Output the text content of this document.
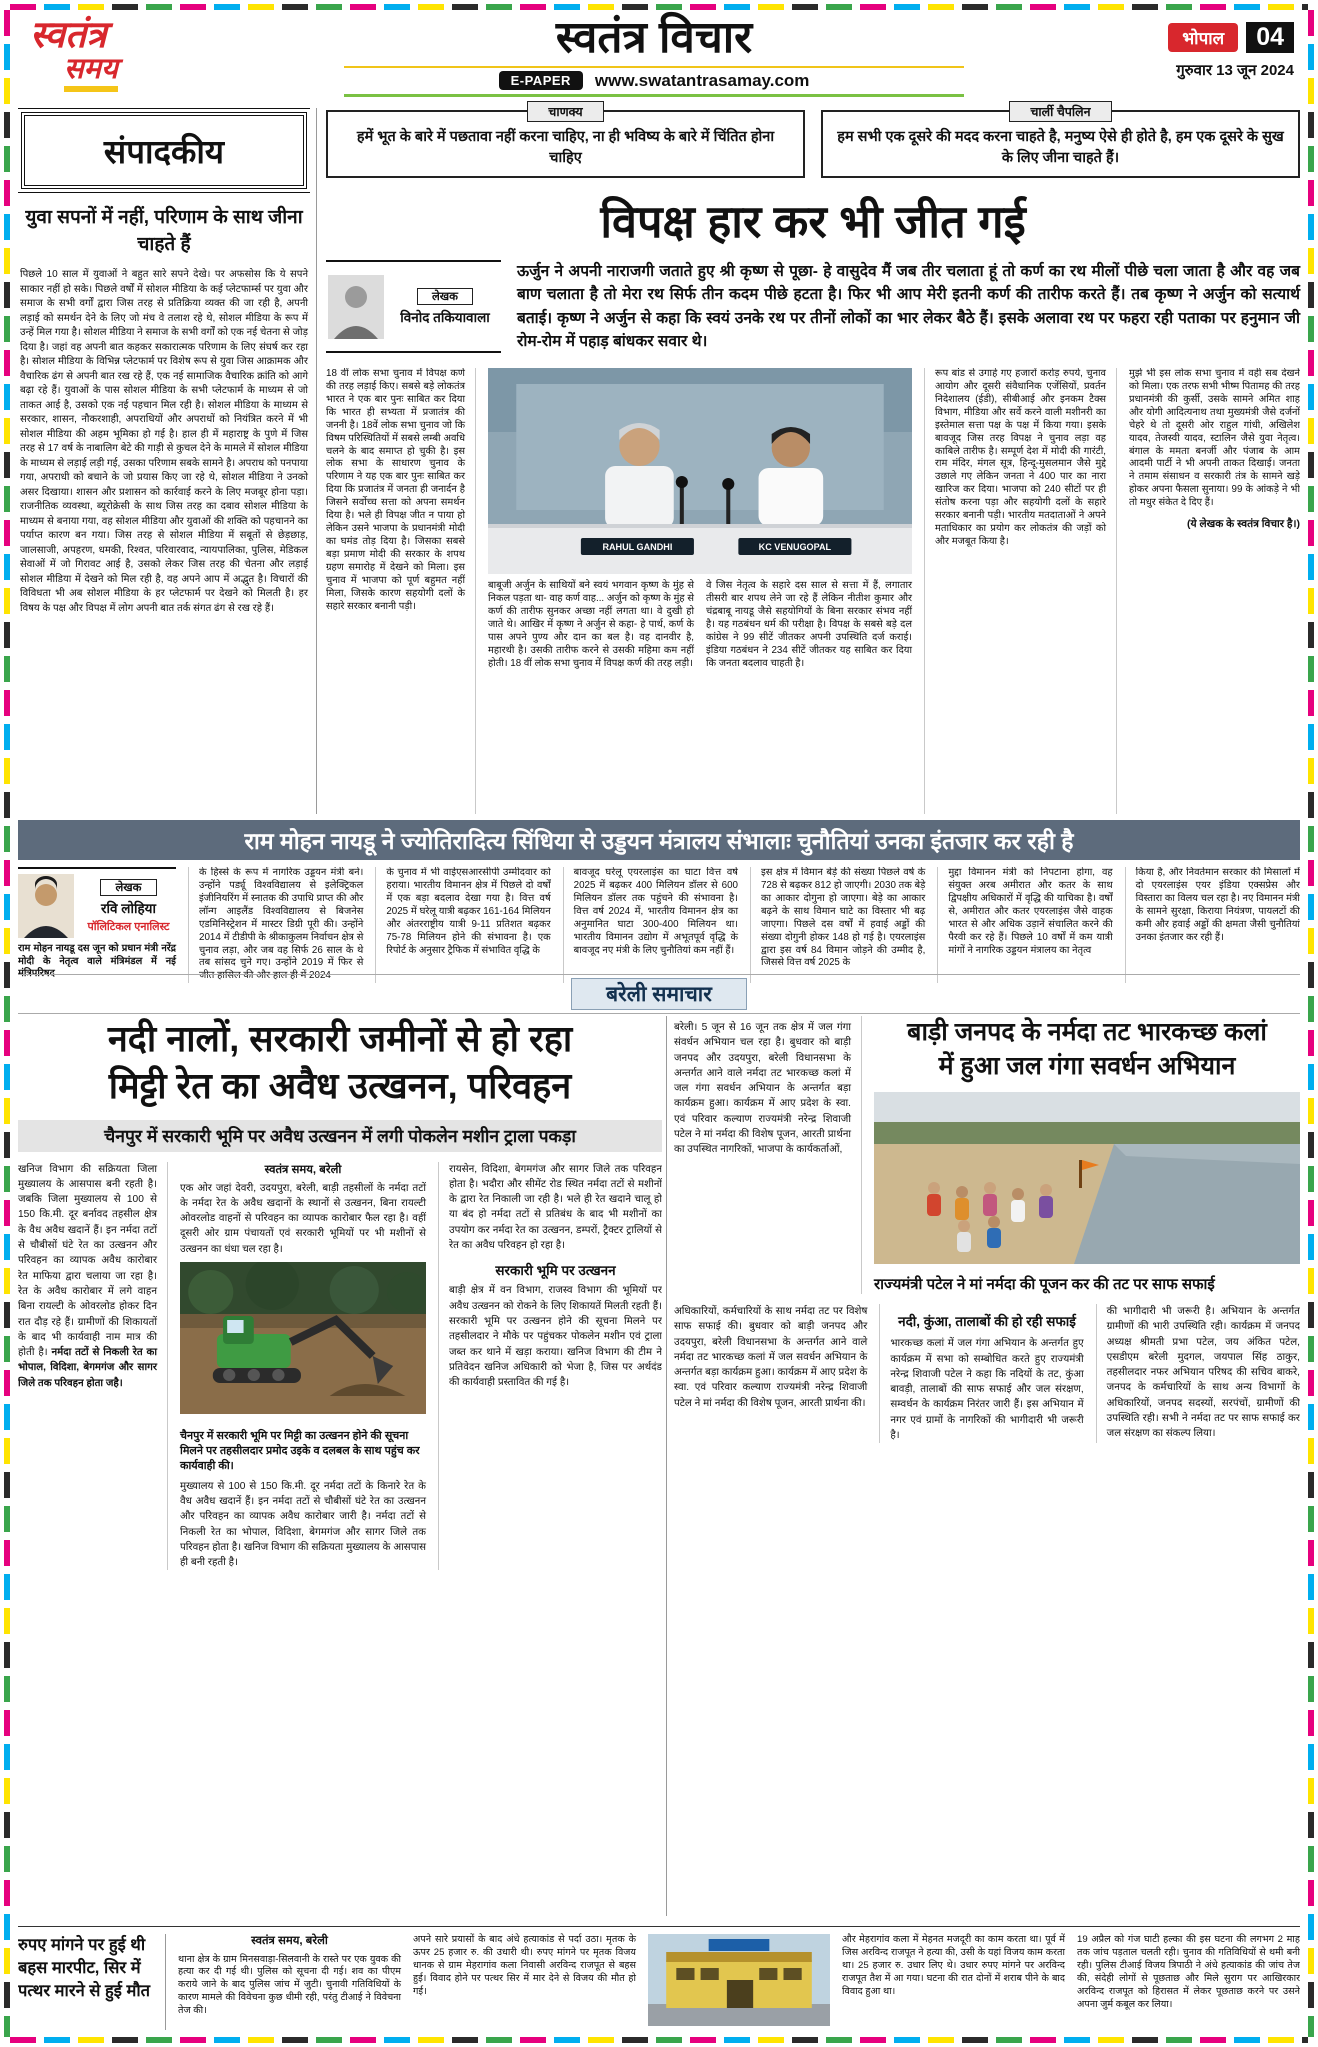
स्वतंत्र
समय
स्वतंत्र विचार
E-PAPER	www.swatantrasamay.com
भोपाल	04
गुरुवार 13 जून 2024
संपादकीय
युवा सपनों में नहीं, परिणाम के साथ जीना चाहते हैं
पिछले 10 साल में युवाओं ने बहुत सारे सपने देखे। पर अफसोस कि ये सपने साकार नहीं हो सके। पिछले वर्षों में सोशल मीडिया के कई प्लेटफार्म्स पर युवा और समाज के सभी वर्गों द्वारा जिस तरह से प्रतिक्रिया व्यक्त की जा रही है, अपनी लड़ाई को समर्थन देने के लिए जो मंच वे तलाश रहे थे, सोशल मीडिया के रूप में उन्हें मिल गया है। सोशल मीडिया ने समाज के सभी वर्गों को एक नई चेतना से जोड़ दिया है। जहां वह अपनी बात कहकर सकारात्मक परिणाम के लिए संघर्ष कर रहा है। सोशल मीडिया के विभिन्न प्लेटफार्म पर विशेष रूप से युवा जिस आक्रामक और वैचारिक ढंग से अपनी बात रख रहे हैं, एक नई सामाजिक वैचारिक क्रांति को आगे बढ़ा रहे हैं। युवाओं के पास सोशल मीडिया के सभी प्लेटफार्म के माध्यम से जो ताकत आई है, उसको एक नई पहचान मिल रही है। सोशल मीडिया के माध्यम से सरकार, शासन, नौकरशाही, अपराधियों और अपराधों को नियंत्रित करने में भी सोशल मीडिया की अहम भूमिका हो गई है। हाल ही में महाराष्ट्र के पुणे में जिस तरह से 17 वर्ष के नाबालिग बेटे की गाड़ी से कुचल देने के मामले में सोशल मीडिया के माध्यम से लड़ाई लड़ी गई, उसका परिणाम सबके सामने है। अपराध को पनपाया गया, अपराधी को बचाने के जो प्रयास किए जा रहे थे, सोशल मीडिया ने उनको असर दिखाया। शासन और प्रशासन को कार्रवाई करने के लिए मजबूर होना पड़ा। राजनीतिक व्यवस्था, ब्यूरोक्रेसी के साथ जिस तरह का दबाव सोशल मीडिया के माध्यम से बनाया गया, वह सोशल मीडिया और युवाओं की शक्ति को पहचानने का पर्याप्त कारण बन गया। जिस तरह से सोशल मीडिया में सबूतों से छेड़छाड़, जालसाजी, अपहरण, धमकी, रिश्वत, परिवारवाद, न्यायपालिका, पुलिस, मेडिकल सेवाओं में जो गिरावट आई है, उसको लेकर जिस तरह की चेतना और लड़ाई सोशल मीडिया में देखने को मिल रही है, वह अपने आप में अद्भुत है। विचारों की विविधता भी अब सोशल मीडिया के हर प्लेटफार्म पर देखने को मिलती है। हर विषय के पक्ष और विपक्ष में लोग अपनी बात तर्क संगत ढंग से रख रहे हैं।
चाणक्य
हमें भूत के बारे में पछतावा नहीं करना चाहिए, ना ही भविष्य के बारे में चिंतित होना चाहिए
चार्ली चैपलिन
हम सभी एक दूसरे की मदद करना चाहते है, मनुष्य ऐसे ही होते है, हम एक दूसरे के सुख के लिए जीना चाहते हैं।
विपक्ष हार कर भी जीत गई
लेखक
विनोद तकियावाला
ऊर्जुन ने अपनी नाराजगी जताते हुए श्री कृष्ण से पूछा- हे वासुदेव मैं जब तीर चलाता हूं तो कर्ण का रथ मीलों पीछे चला जाता है और वह जब बाण चलाता है तो मेरा रथ सिर्फ तीन कदम पीछे हटता है। फिर भी आप मेरी इतनी कर्ण की तारीफ करते हैं। तब कृष्ण ने अर्जुन को सत्यार्थ बताई। कृष्ण ने अर्जुन से कहा कि स्वयं उनके रथ पर तीनों लोकों का भार लेकर बैठे हैं। इसके अलावा रथ पर फहरा रही पताका पर हनुमान जी रोम-रोम में पहाड़ बांधकर सवार थे।
18 वीं लोक सभा चुनाव में विपक्ष कर्ण की तरह लड़ाई किए। सबसे बड़े लोकतंत्र भारत ने एक बार पुनः साबित कर दिया कि भारत ही सभ्यता में प्रजातंत्र की जननी है। 18वें लोक सभा चुनाव जो कि विषम परिस्थितियों में सबसे लम्बी अवधि चलने के बाद समाप्त हो चुकी है। इस लोक सभा के साधारण चुनाव के परिणाम ने यह एक बार पुनः साबित कर दिया कि प्रजातंत्र में जनता ही जनार्दन है जिसने सर्वोच्च सत्ता को अपना समर्थन दिया है। भले ही विपक्ष जीत न पाया हो लेकिन उसने भाजपा के प्रधानमंत्री मोदी का घमंड तोड़ दिया है। जिसका सबसे बड़ा प्रमाण मोदी की सरकार के शपथ ग्रहण समारोह में देखने को मिला। इस चुनाव में भाजपा को पूर्ण बहुमत नहीं मिला, जिसके कारण सहयोगी दलों के सहारे सरकार बनानी पड़ी।
RAHUL GANDHI	KC VENUGOPAL
बाबूजी अर्जुन के साथियों बने स्वयं भगवान कृष्ण के मुंह से निकल पड़ता था- वाह कर्ण वाह... अर्जुन को कृष्ण के मुंह से कर्ण की तारीफ सुनकर अच्छा नहीं लगता था। वे दुखी हो जाते थे। आखिर में कृष्ण ने अर्जुन से कहा- हे पार्थ, कर्ण के पास अपने पुण्य और दान का बल है। वह दानवीर है, महारथी है। उसकी तारीफ करने से उसकी महिमा कम नहीं होती। 18 वीं लोक सभा चुनाव में विपक्ष कर्ण की तरह लड़ी।
वे जिस नेतृत्व के सहारे दस साल से सत्ता में हैं, लगातार तीसरी बार शपथ लेने जा रहे हैं लेकिन नीतीश कुमार और चंद्रबाबू नायडू जैसे सहयोगियों के बिना सरकार संभव नहीं है। यह गठबंधन धर्म की परीक्षा है। विपक्ष के सबसे बड़े दल कांग्रेस ने 99 सीटें जीतकर अपनी उपस्थिति दर्ज कराई। इंडिया गठबंधन ने 234 सीटें जीतकर यह साबित कर दिया कि जनता बदलाव चाहती है।
रूप बांड से उगाहे गए हजारों करोड़ रुपये, चुनाव आयोग और दूसरी संवैधानिक एजेंसियों, प्रवर्तन निदेशालय (ईडी), सीबीआई और इनकम टैक्स विभाग, मीडिया और सर्वे करने वाली मशीनरी का इस्तेमाल सत्ता पक्ष के पक्ष में किया गया। इसके बावजूद जिस तरह विपक्ष ने चुनाव लड़ा वह काबिले तारीफ है। सम्पूर्ण देश में मोदी की गारंटी, राम मंदिर, मंगल सूत्र, हिन्दू-मुसलमान जैसे मुद्दे उछाले गए लेकिन जनता ने 400 पार का नारा खारिज कर दिया। भाजपा को 240 सीटों पर ही संतोष करना पड़ा और सहयोगी दलों के सहारे सरकार बनानी पड़ी। भारतीय मतदाताओं ने अपने मताधिकार का प्रयोग कर लोकतंत्र की जड़ों को और मजबूत किया है।
मुझे भी इस लोक सभा चुनाव में वही सब देखने को मिला। एक तरफ सभी भीष्म पितामह की तरह प्रधानमंत्री की कुर्सी, उसके सामने अमित शाह और योगी आदित्यनाथ तथा मुख्यमंत्री जैसे दर्जनों चेहरे थे तो दूसरी ओर राहुल गांधी, अखिलेश यादव, तेजस्वी यादव, स्टालिन जैसे युवा नेतृत्व। बंगाल के ममता बनर्जी और पंजाब के आम आदमी पार्टी ने भी अपनी ताकत दिखाई। जनता ने तमाम संसाधन व सरकारी तंत्र के सामने खड़े होकर अपना फैसला सुनाया। 99 के आंकड़े ने भी तो मधुर संकेत दे दिए हैं।
(ये लेखक के स्वतंत्र विचार है।)
राम मोहन नायडू ने ज्योतिरादित्य सिंधिया से उड्डयन मंत्रालय संभालाः चुनौतियां उनका इंतजार कर रही है
लेखक
रवि लोहिया
पॉलिटिकल एनालिस्ट
राम मोहन नायडू दस जून को प्रधान मंत्री नरेंद्र मोदी के नेतृत्व वाले मंत्रिमंडल में नई मंत्रिपरिषद
के हिस्से के रूप में नागरिक उड्डयन मंत्री बने। उन्होंने पर्ड्यू विश्वविद्यालय से इलेक्ट्रिकल इंजीनियरिंग में स्नातक की उपाधि प्राप्त की और लॉन्ग आइलैंड विश्वविद्यालय से बिजनेस एडमिनिस्ट्रेशन में मास्टर डिग्री पूरी की। उन्होंने 2014 में टीडीपी के श्रीकाकुलम निर्वाचन क्षेत्र से चुनाव लड़ा, और जब वह सिर्फ 26 साल के थे तब सांसद चुने गए। उन्होंने 2019 में फिर से जीत हासिल की और हाल ही में 2024
के चुनाव में भी वाईएसआरसीपी उम्मीदवार को हराया। भारतीय विमानन क्षेत्र में पिछले दो वर्षों में एक बड़ा बदलाव देखा गया है। वित्त वर्ष 2025 में घरेलू यात्री बढ़कर 161-164 मिलियन और अंतरराष्ट्रीय यात्री 9-11 प्रतिशत बढ़कर 75-78 मिलियन होने की संभावना है। एक रिपोर्ट के अनुसार ट्रैफिक में संभावित वृद्धि के
बावजूद घरेलू एयरलाइंस का घाटा वित्त वर्ष 2025 में बढ़कर 400 मिलियन डॉलर से 600 मिलियन डॉलर तक पहुंचने की संभावना है। वित्त वर्ष 2024 में, भारतीय विमानन क्षेत्र का अनुमानित घाटा 300-400 मिलियन था। भारतीय विमानन उद्योग में अभूतपूर्व वृद्धि के बावजूद नए मंत्री के लिए चुनौतियां कम नहीं हैं।
इस क्षेत्र में विमान बेड़े की संख्या पिछले वर्ष के 728 से बढ़कर 812 हो जाएगी। 2030 तक बेड़े का आकार दोगुना हो जाएगा। बेड़े का आकार बढ़ने के साथ विमान घाटे का विस्तार भी बढ़ जाएगा। पिछले दस वर्षों में हवाई अड्डों की संख्या दोगुनी होकर 148 हो गई है। एयरलाइंस द्वारा इस वर्ष 84 विमान जोड़ने की उम्मीद है, जिससे वित्त वर्ष 2025 के
मुद्दा विमानन मंत्री को निपटाना होगा, वह संयुक्त अरब अमीरात और कतर के साथ द्विपक्षीय अधिकारों में वृद्धि की याचिका है। वर्षों से, अमीरात और कतर एयरलाइंस जैसे वाहक भारत से और अधिक उड़ानें संचालित करने की पैरवी कर रहे हैं। पिछले 10 वर्षों में कम यात्री मांगों ने नागरिक उड्डयन मंत्रालय का नेतृत्व
किया है, और निवर्तमान सरकार की मिसालों में दो एयरलाइंस एयर इंडिया एक्सप्रेस और विस्तारा का विलय चल रहा है। नए विमानन मंत्री के सामने सुरक्षा, किराया नियंत्रण, पायलटों की कमी और हवाई अड्डों की क्षमता जैसी चुनौतियां उनका इंतजार कर रही हैं।
बरेली समाचार
नदी नालों, सरकारी जमीनों से हो रहा
मिट्टी रेत का अवैध उत्खनन, परिवहन
चैनपुर में सरकारी भूमि पर अवैध उत्खनन में लगी पोकलेन मशीन ट्राला पकड़ा
खनिज विभाग की सक्रियता जिला मुख्यालय के आसपास बनी रहती है। जबकि जिला मुख्यालय से 100 से 150 कि.मी. दूर बर्नावद तहसील क्षेत्र के वैध अवैध खदानें हैं। इन नर्मदा तटों से चौबीसों घंटे रेत का उत्खनन और परिवहन का व्यापक अवैध कारोबार रेत माफिया द्वारा चलाया जा रहा है। रेत के अवैध कारोबार में लगे वाहन बिना रायल्टी के ओवरलोड होकर दिन रात दौड़ रहे हैं। ग्रामीणों की शिकायतों के बाद भी कार्यवाही नाम मात्र की होती है। नर्मदा तटों से निकली रेत का भोपाल, विदिशा, बेगमगंज और सागर जिले तक परिवहन होता जहै।
स्वतंत्र समय, बरेली
एक ओर जहां देवरी, उदयपुरा, बरेली, बाड़ी तहसीलों के नर्मदा तटों के नर्मदा रेत के अवैध खदानों के स्थानों से उत्खनन, बिना रायल्टी ओवरलोड वाहनों से परिवहन का व्यापक कारोबार फैल रहा है। वहीं दूसरी ओर ग्राम पंचायतों एवं सरकारी भूमियों पर भी मशीनों से उत्खनन का धंधा चल रहा है।
चैनपुर में सरकारी भूमि पर मिट्टी का उत्खनन होने की सूचना मिलने पर तहसीलदार प्रमोद उइके व दलबल के साथ पहुंच कर कार्यवाही की।
मुख्यालय से 100 से 150 कि.मी. दूर नर्मदा तटों के किनारे रेत के वैध अवैध खदानें हैं। इन नर्मदा तटों से चौबीसों घंटे रेत का उत्खनन और परिवहन का व्यापक अवैध कारोबार जारी है। नर्मदा तटों से निकली रेत का भोपाल, विदिशा, बेगमगंज और सागर जिले तक परिवहन होता है। खनिज विभाग की सक्रियता मुख्यालय के आसपास ही बनी रहती है।
रायसेन, विदिशा, बेगमगंज और सागर जिले तक परिवहन होता है। भदौरा और सीमेंट रोड स्थित नर्मदा तटों से मशीनों के द्वारा रेत निकाली जा रही है। भले ही रेत खदाने चालू हो या बंद हो नर्मदा तटों से प्रतिबंध के बाद भी मशीनों का उपयोग कर नर्मदा रेत का उत्खनन, डम्परों, ट्रैक्टर ट्रालियों से रेत का अवैध परिवहन हो रहा है।
सरकारी भूमि पर उत्खनन
बाड़ी क्षेत्र में वन विभाग, राजस्व विभाग की भूमियों पर अवैध उत्खनन को रोकने के लिए शिकायतें मिलती रहती हैं। सरकारी भूमि पर उत्खनन होने की सूचना मिलने पर तहसीलदार ने मौके पर पहुंचकर पोकलेन मशीन एवं ट्राला जब्त कर थाने में खड़ा कराया। खनिज विभाग की टीम ने प्रतिवेदन खनिज अधिकारी को भेजा है, जिस पर अर्थदंड की कार्यवाही प्रस्तावित की गई है।
बरेली। 5 जून से 16 जून तक क्षेत्र में जल गंगा संवर्धन अभियान चल रहा है। बुधवार को बाड़ी जनपद और उदयपुरा, बरेली विधानसभा के अन्तर्गत आने वाले नर्मदा तट भारकच्छ कलां में जल गंगा सवर्धन अभियान के अन्तर्गत बड़ा कार्यक्रम हुआ। कार्यक्रम में आए प्रदेश के स्वा. एवं परिवार कल्याण राज्यमंत्री नरेन्द्र शिवाजी पटेल ने मां नर्मदा की विशेष पूजन, आरती प्रार्थना का उपस्थित नागरिकों, भाजपा के कार्यकर्ताओं,
बाड़ी जनपद के नर्मदा तट भारकच्छ कलां
में हुआ जल गंगा सवर्धन अभियान
राज्यमंत्री पटेल ने मां नर्मदा की पूजन कर की तट पर साफ सफाई
अधिकारियों, कर्मचारियों के साथ नर्मदा तट पर विशेष साफ सफाई की। बुधवार को बाड़ी जनपद और उदयपुरा, बरेली विधानसभा के अन्तर्गत आने वाले नर्मदा तट भारकच्छ कलां में जल सवर्धन अभियान के अन्तर्गत बड़ा कार्यक्रम हुआ। कार्यक्रम में आए प्रदेश के स्वा. एवं परिवार कल्याण राज्यमंत्री नरेन्द्र शिवाजी पटेल ने मां नर्मदा की विशेष पूजन, आरती प्रार्थना की।
नदी, कुंआ, तालाबों की हो रही सफाई
भारकच्छ कलां में जल गंगा अभियान के अन्तर्गत हुए कार्यक्रम में सभा को सम्बोधित करते हुए राज्यमंत्री नरेन्द्र शिवाजी पटेल ने कहा कि नदियों के तट, कुंआ बावड़ी, तालाबों की साफ सफाई और जल संरक्षण, सम्वर्धन के कार्यक्रम निरंतर जारी हैं। इस अभियान में नगर एवं ग्रामों के नागरिकों की भागीदारी भी जरूरी है।
की भागीदारी भी जरूरी है। अभियान के अन्तर्गत ग्रामीणों की भारी उपस्थिति रही। कार्यक्रम में जनपद अध्यक्ष श्रीमती प्रभा पटेल, जय अंकित पटेल, एसडीएम बरेली मुदगल, जयपाल सिंह ठाकुर, तहसीलदार नफर अभियान परिषद की सचिव बाकरे, जनपद के कर्मचारियों के साथ अन्य विभागों के अधिकारियों, जनपद सदस्यों, सरपंचों, ग्रामीणों की उपस्थिति रही। सभी ने नर्मदा तट पर साफ सफाई कर जल संरक्षण का संकल्प लिया।
रुपए मांगने पर हुई थी बहस मारपीट, सिर में पत्थर मारने से हुई मौत
स्वतंत्र समय, बरेली
थाना क्षेत्र के ग्राम मिनसवाड़ा-सिलवानी के रास्ते पर एक युवक की हत्या कर दी गई थी। पुलिस को सूचना दी गई। शव का पीएम कराये जाने के बाद पुलिस जांच में जुटी। चुनावी गतिविधियों के कारण मामले की विवेचना कुछ धीमी रही, परंतु टीआई ने विवेचना तेज की।
अपने सारे प्रयासों के बाद अंधे हत्याकांड से पर्दा उठा। मृतक के ऊपर 25 हजार रु. की उधारी थी। रुपए मांगने पर मृतक विजय धानक से ग्राम मेहरागांव कला निवासी अरविन्द राजपूत से बहस हुई। विवाद होने पर पत्थर सिर में मार देने से विजय की मौत हो गई।
और मेहरागांव कला में मेहनत मजदूरी का काम करता था। पूर्व में जिस अरविन्द राजपूत ने हत्या की, उसी के यहां विजय काम करता था। 25 हजार रु. उधार लिए थे। उधार रुपए मांगने पर अरविन्द राजपूत तैश में आ गया। घटना की रात दोनों में शराब पीने के बाद विवाद हुआ था।
19 अप्रैल को गंज घाटी हल्का की इस घटना की लगभग 2 माह तक जांच पड़ताल चलती रही। चुनाव की गतिविधियों से थमी बनी रही। पुलिस टीआई विजय त्रिपाठी ने अंधे हत्याकांड की जांच तेज की, संदेही लोगों से पूछताछ और मिले सुराग पर आखिरकार अरविन्द राजपूत को हिरासत में लेकर पूछताछ करने पर उसने अपना जुर्म कबूल कर लिया।
